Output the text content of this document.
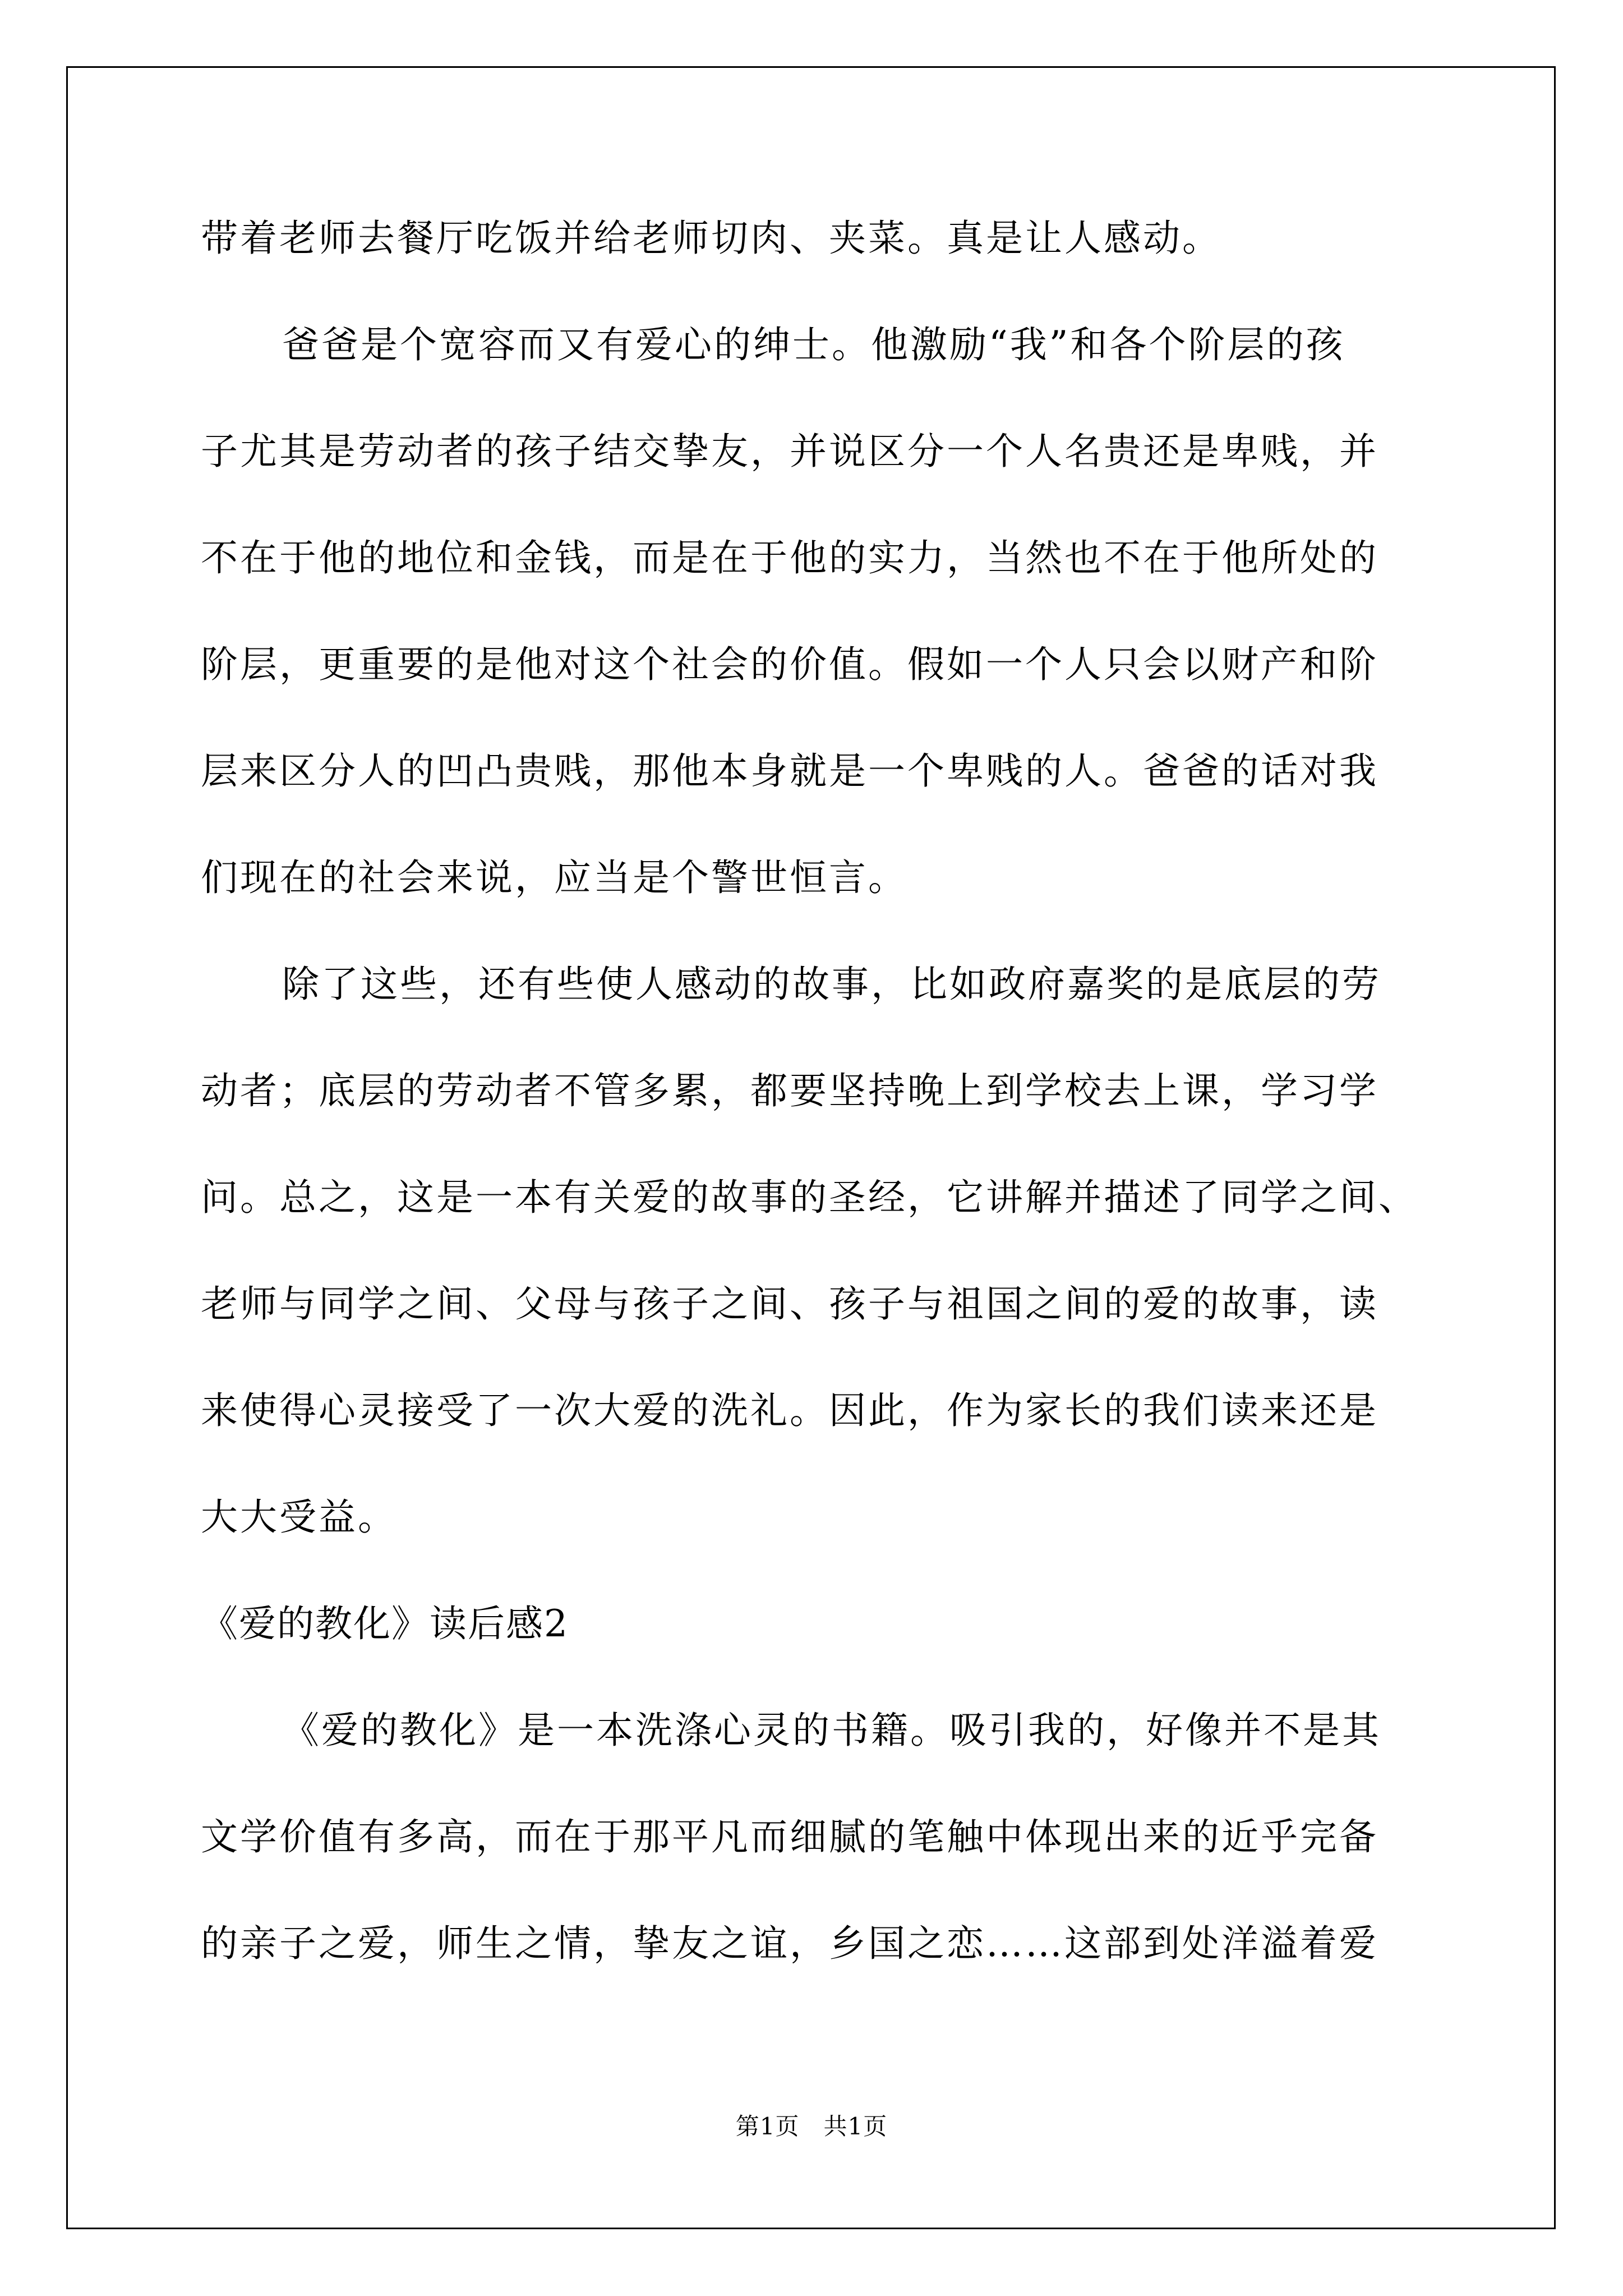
带着老师去餐厅吃饭并给老师切肉、夹菜。真是让人感动。
爸爸是个宽容而又有爱心的绅士。他激励“我”和各个阶层的孩
子尤其是劳动者的孩子结交挚友，并说区分一个人名贵还是卑贱，并
不在于他的地位和金钱，而是在于他的实力，当然也不在于他所处的
阶层，更重要的是他对这个社会的价值。假如一个人只会以财产和阶
层来区分人的凹凸贵贱，那他本身就是一个卑贱的人。爸爸的话对我
们现在的社会来说，应当是个警世恒言。
除了这些，还有些使人感动的故事，比如政府嘉奖的是底层的劳
动者；底层的劳动者不管多累，都要坚持晚上到学校去上课，学习学
问。总之，这是一本有关爱的故事的圣经，它讲解并描述了同学之间、
老师与同学之间、父母与孩子之间、孩子与祖国之间的爱的故事，读
来使得心灵接受了一次大爱的洗礼。因此，作为家长的我们读来还是
大大受益。
《爱的教化》读后感2
《爱的教化》是一本洗涤心灵的书籍。吸引我的，好像并不是其
文学价值有多高，而在于那平凡而细腻的笔触中体现出来的近乎完备
的亲子之爱，师生之情，挚友之谊，乡国之恋……这部到处洋溢着爱
第1页   共1页
